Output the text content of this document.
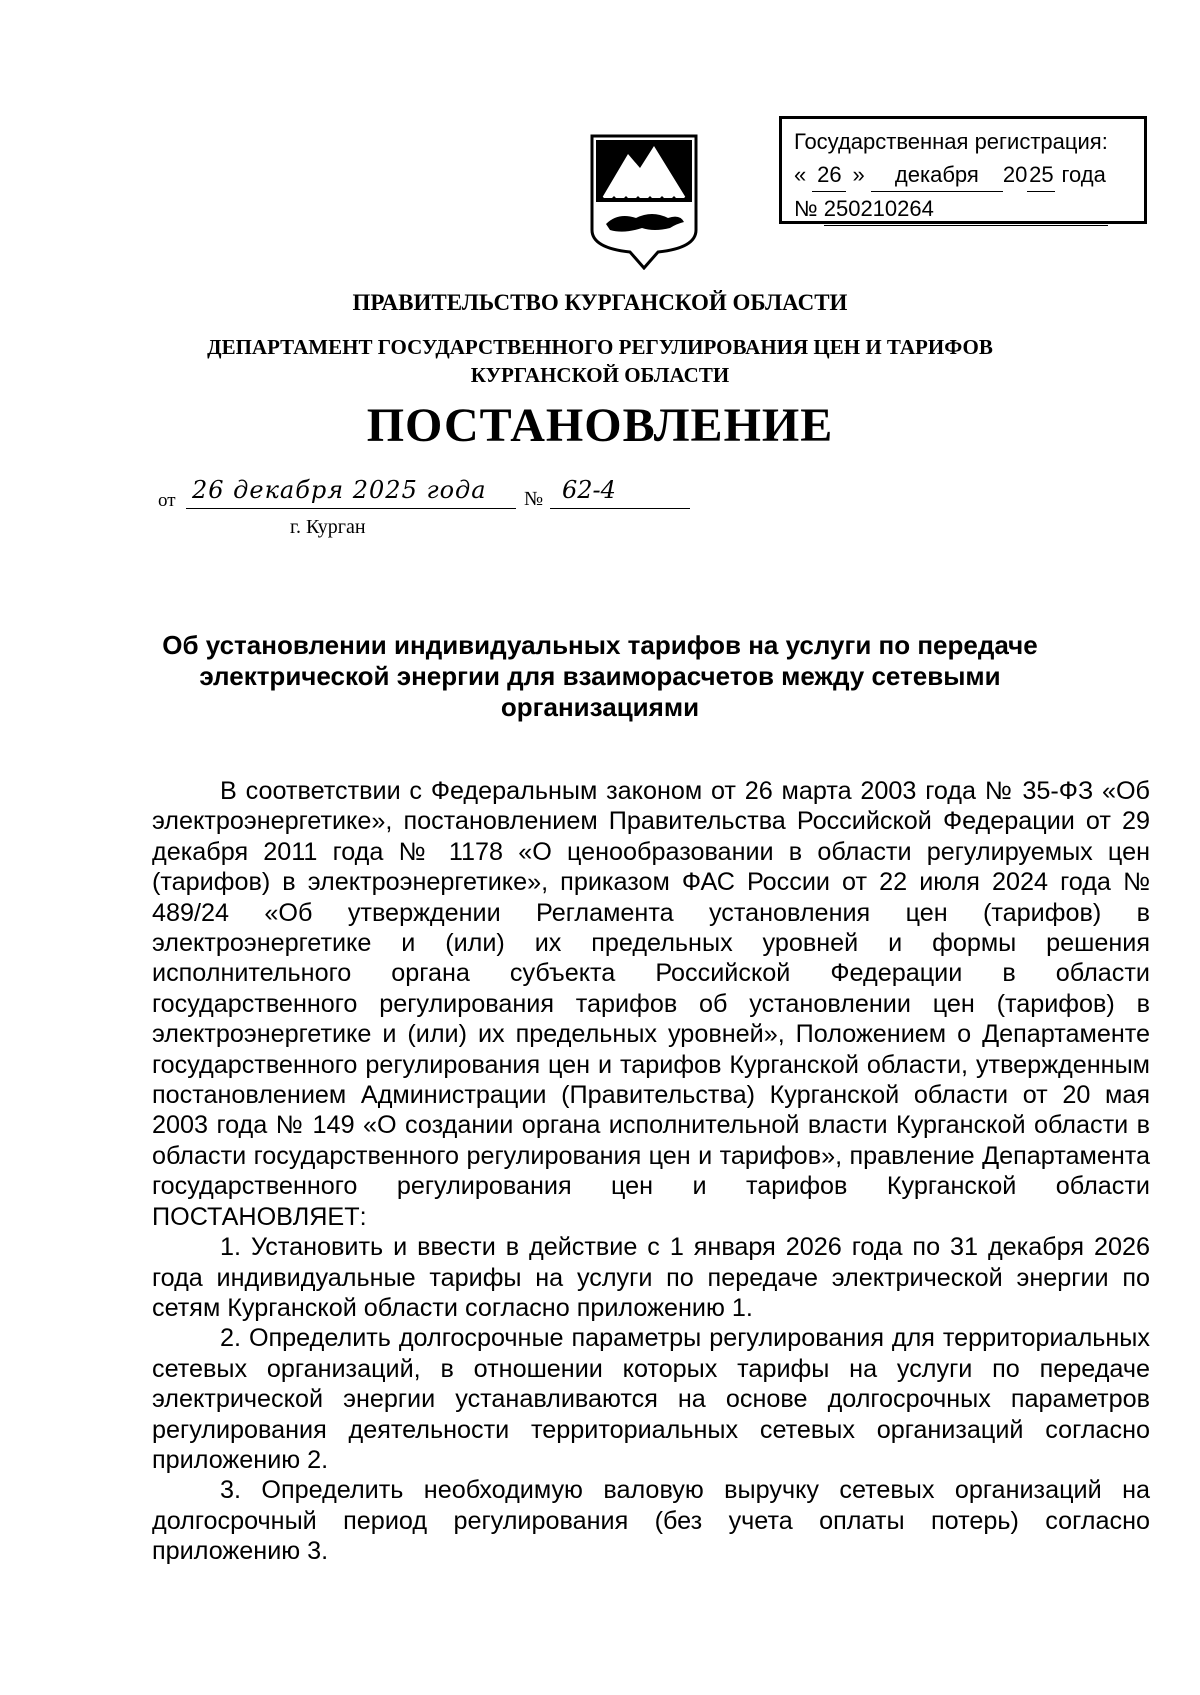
Государственная регистрация:
« 26 » декабря 2025 года
№ 250210264
ПРАВИТЕЛЬСТВО КУРГАНСКОЙ ОБЛАСТИ
ДЕПАРТАМЕНТ ГОСУДАРСТВЕННОГО РЕГУЛИРОВАНИЯ ЦЕН И ТАРИФОВ
КУРГАНСКОЙ ОБЛАСТИ
ПОСТАНОВЛЕНИЕ
от 26 декабря 2025 года № 62-4
г. Курган
Об установлении индивидуальных тарифов на услуги по передаче
электрической энергии для взаиморасчетов между сетевыми
организациями

В соответствии с Федеральным законом от 26 марта 2003 года № 35-ФЗ «Об электроэнергетике», постановлением Правительства Российской Федерации от 29 декабря 2011 года № 1178 «О ценообразовании в области регулируемых цен (тарифов) в электроэнергетике», приказом ФАС России от 22 июля 2024 года № 489/24 «Об утверждении Регламента установления цен (тарифов) в электроэнергетике и (или) их предельных уровней и формы решения исполнительного органа субъекта Российской Федерации в области государственного регулирования тарифов об установлении цен (тарифов) в электроэнергетике и (или) их предельных уровней», Положением о Департаменте государственного регулирования цен и тарифов Курганской области, утвержденным постановлением Администрации (Правительства) Курганской области от 20 мая 2003 года № 149 «О создании органа исполнительной власти Курганской области в области государственного регулирования цен и тарифов», правление Департамента государственного регулирования цен и тарифов Курганской области ПОСТАНОВЛЯЕТ:

1. Установить и ввести в действие с 1 января 2026 года по 31 декабря 2026 года индивидуальные тарифы на услуги по передаче электрической энергии по сетям Курганской области согласно приложению 1.

2. Определить долгосрочные параметры регулирования для территориальных сетевых организаций, в отношении которых тарифы на услуги по передаче электрической энергии устанавливаются на основе долгосрочных параметров регулирования деятельности территориальных сетевых организаций согласно приложению 2.

3. Определить необходимую валовую выручку сетевых организаций на долгосрочный период регулирования (без учета оплаты потерь) согласно приложению 3.
